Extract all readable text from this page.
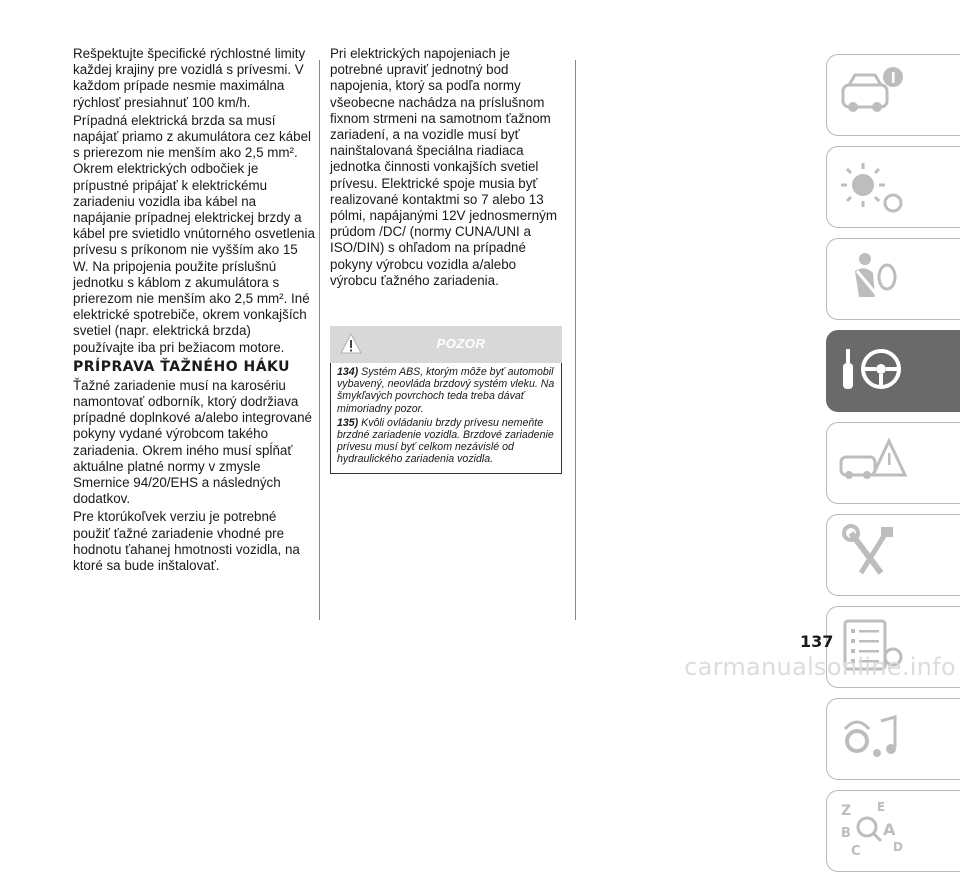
Rešpektujte špecifické rýchlostné limity každej krajiny pre vozidlá s prívesmi. V každom prípade nesmie maximálna rýchlosť presiahnuť 100 km/h.

Prípadná elektrická brzda sa musí napájať priamo z akumulátora cez kábel s prierezom nie menším ako 2,5 mm². Okrem elektrických odbočiek je prípustné pripájať k elektrickému zariadeniu vozidla iba kábel na napájanie prípadnej elektrickej brzdy a kábel pre svietidlo vnútorného osvetlenia prívesu s príkonom nie vyšším ako 15 W. Na pripojenia použite príslušnú jednotku s káblom z akumulátora s prierezom nie menším ako 2,5 mm². Iné elektrické spotrebiče, okrem vonkajších svetiel (napr. elektrická brzda) používajte iba pri bežiacom motore.

PRÍPRAVA ŤAŽNÉHO HÁKU

Ťažné zariadenie musí na karosériu namontovať odborník, ktorý dodržiava prípadné doplnkové a/alebo integrované pokyny vydané výrobcom takého zariadenia. Okrem iného musí spĺňať aktuálne platné normy v zmysle Smernice 94/20/EHS a následných dodatkov.

Pre ktorúkoľvek verziu je potrebné použiť ťažné zariadenie vhodné pre hodnotu ťahanej hmotnosti vozidla, na ktoré sa bude inštalovať.

Pri elektrických napojeniach je potrebné upraviť jednotný bod napojenia, ktorý sa podľa normy všeobecne nachádza na príslušnom fixnom strmeni na samotnom ťažnom zariadení, a na vozidle musí byť nainštalovaná špeciálna riadiaca jednotka činnosti vonkajších svetiel prívesu. Elektrické spoje musia byť realizované kontaktmi so 7 alebo 13 pólmi, napájanými 12V jednosmerným prúdom /DC/ (normy CUNA/UNI a ISO/DIN) s ohľadom na prípadné pokyny výrobcu vozidla a/alebo výrobcu ťažného zariadenia.

POZOR

134) Systém ABS, ktorým môže byť automobil vybavený, neovláda brzdový systém vleku. Na šmykľavých povrchoch teda treba dávať mimoriadny pozor.

135) Kvôli ovládaniu brzdy prívesu nemeňte brzdné zariadenie vozidla. Brzdové zariadenie prívesu musí byť celkom nezávislé od hydraulického zariadenia vozidla.

Z E
B A
C	D
137
carmanualsonline.info
